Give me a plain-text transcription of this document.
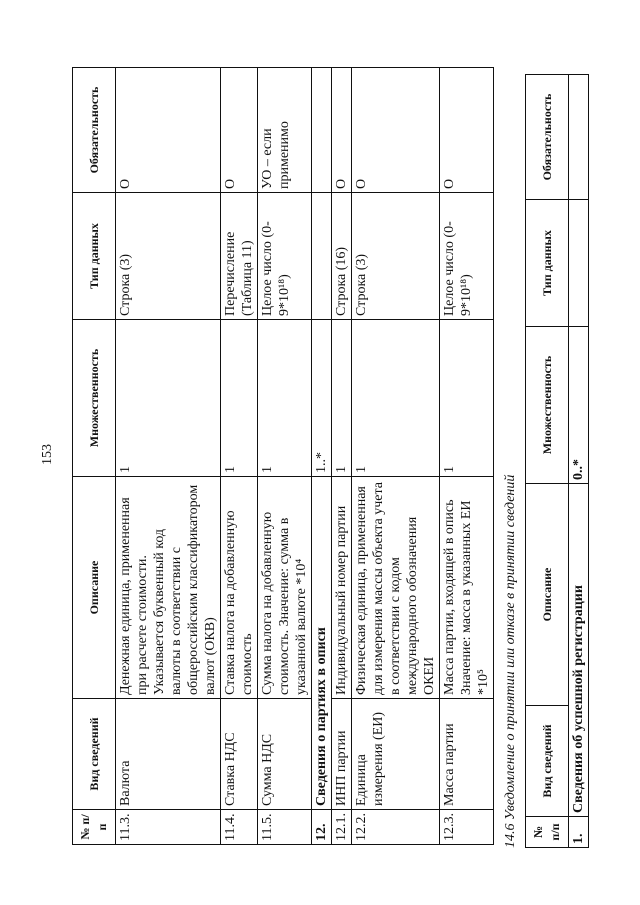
153
№ п/п	Вид сведений	Описание	Множественность	Тип данных	Обязательность
11.3.	Валюта	Денежная единица, примененная при расчете стоимости. Указывается буквенный код валюты в соответствии с общероссийским классификатором валют (ОКВ)	1	Строка (3)	О
11.4.	Ставка НДС	Ставка налога на добавленную стоимость	1	Перечисление (Таблица 11)	О
11.5.	Сумма НДС	Сумма налога на добавленную стоимость. Значение: сумма в указанной валюте *10⁴	1	Целое число (0-9*10¹⁸)	УО – если применимо
12.	Сведения о партиях в описи		1..*		
12.1.	ИНП партии	Индивидуальный номер партии	1	Строка (16)	О
12.2.	Единица измерения (ЕИ)	Физическая единица, примененная для измерения массы объекта учета в соответствии с кодом международного обозначения ОКЕИ	1	Строка (3)	О
12.3.	Масса партии	Масса партии, входящей в опись Значение: масса в указанных ЕИ *10⁵	1	Целое число (0-9*10¹⁸)	О
14.6 Уведомление о принятии или отказе в принятии сведений № п/п	Вид сведений	Описание	Множественность	Тип данных	Обязательность
1.	Сведения об успешной регистрации		0..*		
